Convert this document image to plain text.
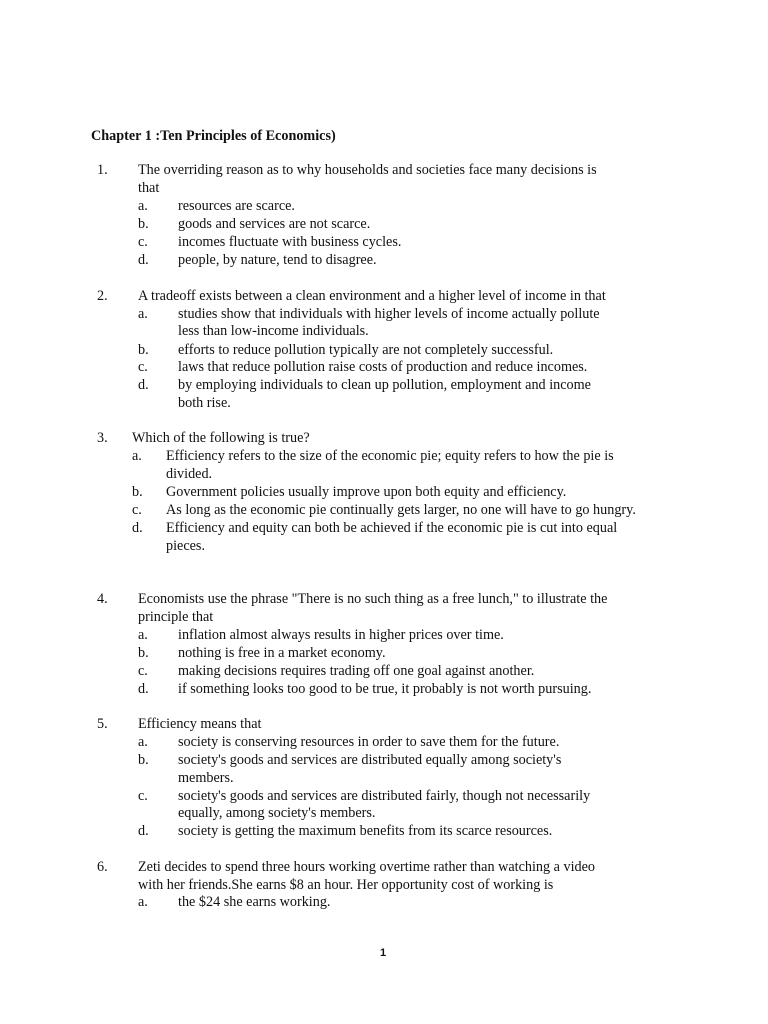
Chapter 1 :Ten Principles of Economics)
1. The overriding reason as to why households and societies face many decisions is
that
a. resources are scarce.
b. goods and services are not scarce.
c. incomes fluctuate with business cycles.
d. people, by nature, tend to disagree.
2. A tradeoff exists between a clean environment and a higher level of income in that
a. studies show that individuals with higher levels of income actually pollute
less than low-income individuals.
b. efforts to reduce pollution typically are not completely successful.
c. laws that reduce pollution raise costs of production and reduce incomes.
d. by employing individuals to clean up pollution, employment and income
both rise.
3. Which of the following is true?
a. Efficiency refers to the size of the economic pie; equity refers to how the pie is
divided.
b. Government policies usually improve upon both equity and efficiency.
c. As long as the economic pie continually gets larger, no one will have to go hungry.
d. Efficiency and equity can both be achieved if the economic pie is cut into equal
pieces.
4. Economists use the phrase "There is no such thing as a free lunch," to illustrate the
principle that
a. inflation almost always results in higher prices over time.
b. nothing is free in a market economy.
c. making decisions requires trading off one goal against another.
d. if something looks too good to be true, it probably is not worth pursuing.
5. Efficiency means that
a. society is conserving resources in order to save them for the future.
b. society's goods and services are distributed equally among society's
members.
c. society's goods and services are distributed fairly, though not necessarily
equally, among society's members.
d. society is getting the maximum benefits from its scarce resources.
6. Zeti decides to spend three hours working overtime rather than watching a video
with her friends.She earns $8 an hour. Her opportunity cost of working is
a. the $24 she earns working.
1
